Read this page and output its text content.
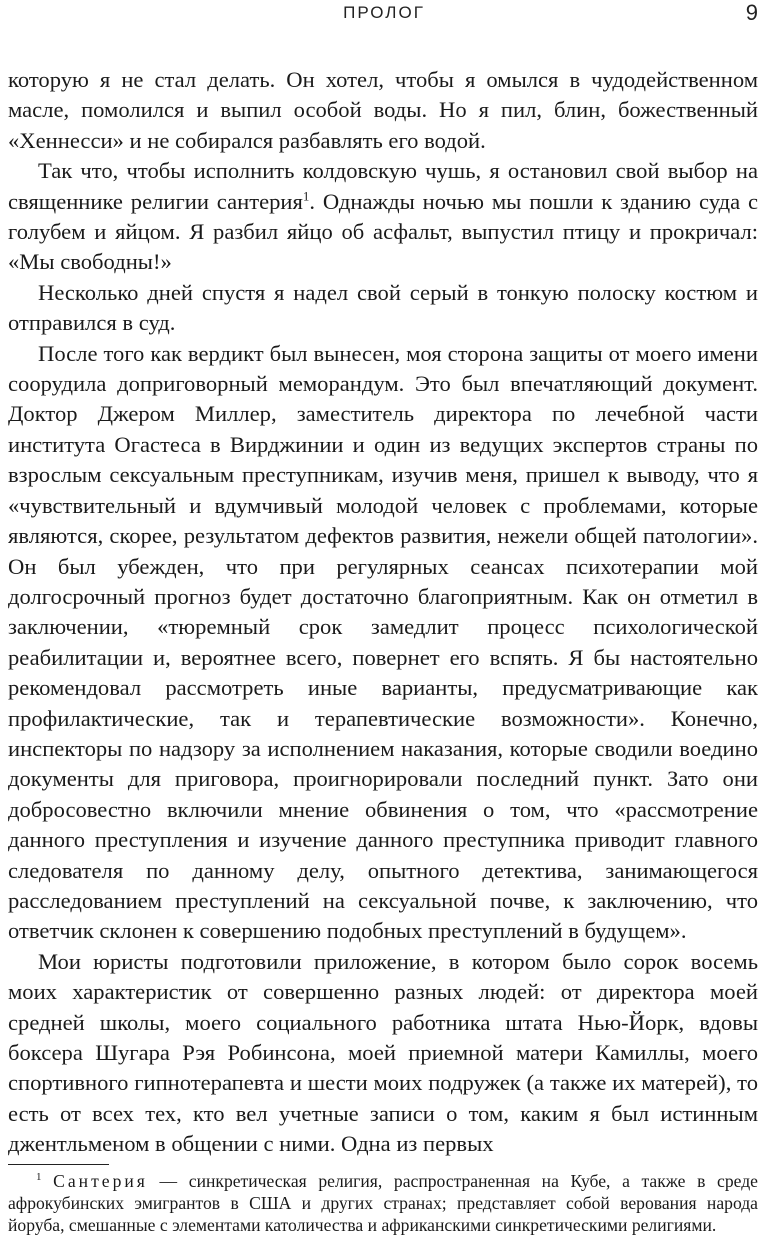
ПРОЛОГ	9

которую я не стал делать. Он хотел, чтобы я омылся в чудодейственном масле, помолился и выпил особой воды. Но я пил, блин, божественный «Хеннесси» и не собирался разбавлять его водой.

Так что, чтобы исполнить колдовскую чушь, я остановил свой выбор на священнике религии сантерия$^1$. Однажды ночью мы пошли к зданию суда с голубем и яйцом. Я разбил яйцо об асфальт, выпустил птицу и прокричал: «Мы свободны!»

Несколько дней спустя я надел свой серый в тонкую полоску костюм и отправился в суд.

После того как вердикт был вынесен, моя сторона защиты от моего имени соорудила доприговорный меморандум. Это был впечатляющий документ. Доктор Джером Миллер, заместитель директора по лечебной части института Огастеса в Вирджинии и один из ведущих экспертов страны по взрослым сексуальным преступникам, изучив меня, пришел к выводу, что я «чувствительный и вдумчивый молодой человек с проблемами, которые являются, скорее, результатом дефектов развития, нежели общей патологии». Он был убежден, что при регулярных сеансах психотерапии мой долгосрочный прогноз будет достаточно благоприятным. Как он отметил в заключении, «тюремный срок замедлит процесс психологической реабилитации и, вероятнее всего, повернет его вспять. Я бы настоятельно рекомендовал рассмотреть иные варианты, предусматривающие как профилактические, так и терапевтические возможности». Конечно, инспекторы по надзору за исполнением наказания, которые сводили воедино документы для приговора, проигнорировали последний пункт. Зато они добросовестно включили мнение обвинения о том, что «рассмотрение данного преступления и изучение данного преступника приводит главного следователя по данному делу, опытного детектива, занимающегося расследованием преступлений на сексуальной почве, к заключению, что ответчик склонен к совершению подобных преступлений в будущем».

Мои юристы подготовили приложение, в котором было сорок восемь моих характеристик от совершенно разных людей: от директора моей средней школы, моего социального работника штата Нью-Йорк, вдовы боксера Шугара Рэя Робинсона, моей приемной матери Камиллы, моего спортивного гипнотерапевта и шести моих подружек (а также их матерей), то есть от всех тех, кто вел учетные записи о том, каким я был истинным джентльменом в общении с ними. Одна из первых

$^1$ Сантерия — синкретическая религия, распространенная на Кубе, а также в среде афрокубинских эмигрантов в США и других странах; представляет собой верования народа йоруба, смешанные с элементами католичества и африканскими синкретическими религиями.
